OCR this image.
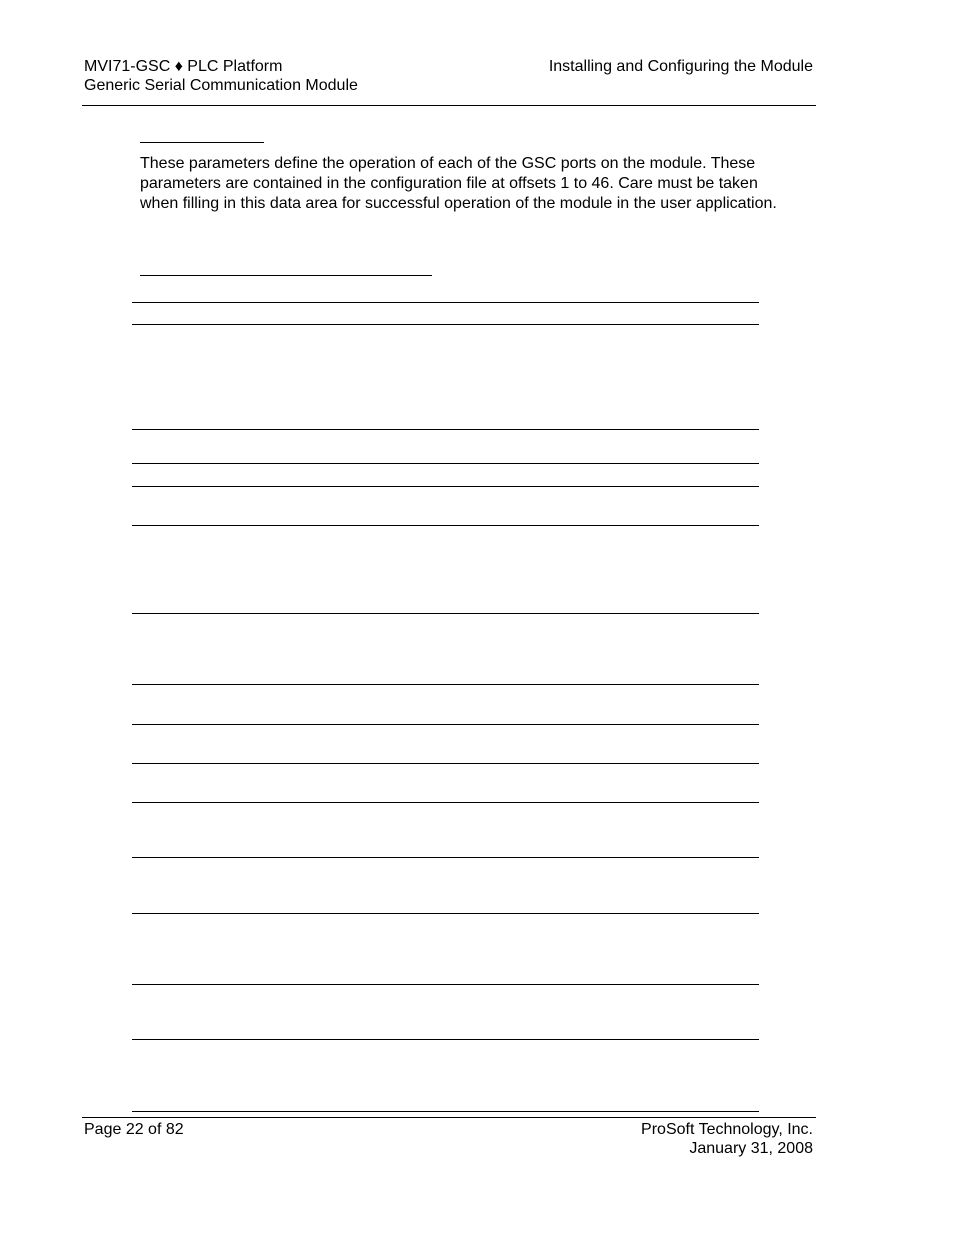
MVI71-GSC ♦ PLC Platform
Generic Serial Communication Module
Installing and Configuring the Module

These parameters define the operation of each of the GSC ports on the module. These parameters are contained in the configuration file at offsets 1 to 46. Care must be taken when filling in this data area for successful operation of the module in the user application.

Page 22 of 82	ProSoft Technology, Inc.
January 31, 2008
